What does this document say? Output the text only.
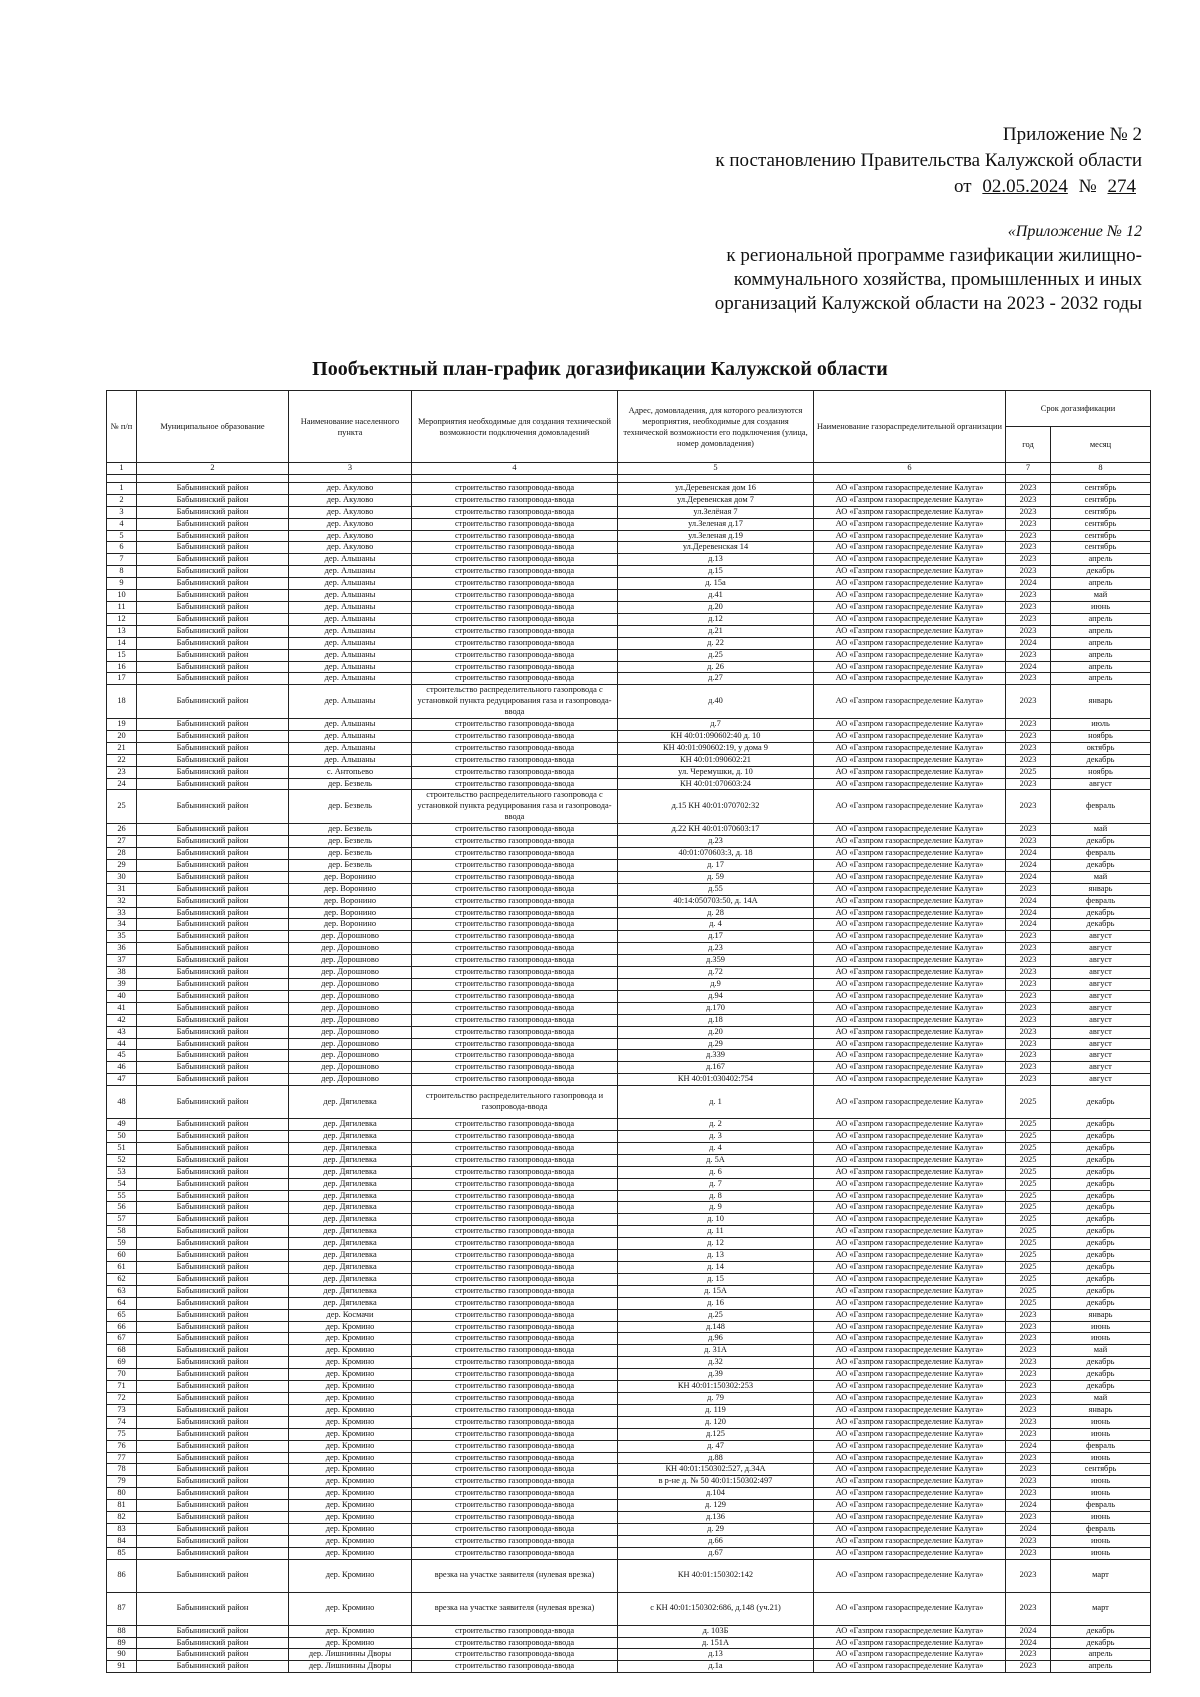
Приложение № 2
к постановлению Правительства Калужской области
от 02.05.2024 № 274
«Приложение № 12
к региональной программе газификации жилищно-
коммунального хозяйства, промышленных и иных
организаций Калужской области на 2023 - 2032 годы
Пообъектный план-график догазификации Калужской области
№ п/п	Муниципальное образование	Наименование населенного пункта	Мероприятия необходимые для создания технической возможности подключения домовладений	Адрес, домовладения, для которого реализуются мероприятия, необходимые для создания технической возможности его подключения (улица, номер домовладения)	Наименование газораспределительной организации	Срок догазификации	
						год	месяц
1	2	3	4	5	6	7	8

1	Бабынинский район	дер. Акулово	строительство газопровода-ввода	ул.Деревенская дом 16	АО «Газпром газораспределение Калуга»	2023	сентябрь
2	Бабынинский район	дер. Акулово	строительство газопровода-ввода	ул.Деревенская дом 7	АО «Газпром газораспределение Калуга»	2023	сентябрь
3	Бабынинский район	дер. Акулово	строительство газопровода-ввода	ул.Зелёная 7	АО «Газпром газораспределение Калуга»	2023	сентябрь
4	Бабынинский район	дер. Акулово	строительство газопровода-ввода	ул.Зеленая д.17	АО «Газпром газораспределение Калуга»	2023	сентябрь
5	Бабынинский район	дер. Акулово	строительство газопровода-ввода	ул.Зеленая д.19	АО «Газпром газораспределение Калуга»	2023	сентябрь
6	Бабынинский район	дер. Акулово	строительство газопровода-ввода	ул.Деревенская 14	АО «Газпром газораспределение Калуга»	2023	сентябрь
7	Бабынинский район	дер. Альшаны	строительство газопровода-ввода	д.13	АО «Газпром газораспределение Калуга»	2023	апрель
8	Бабынинский район	дер. Альшаны	строительство газопровода-ввода	д.15	АО «Газпром газораспределение Калуга»	2023	декабрь
9	Бабынинский район	дер. Альшаны	строительство газопровода-ввода	д. 15а	АО «Газпром газораспределение Калуга»	2024	апрель
10	Бабынинский район	дер. Альшаны	строительство газопровода-ввода	д.41	АО «Газпром газораспределение Калуга»	2023	май
11	Бабынинский район	дер. Альшаны	строительство газопровода-ввода	д.20	АО «Газпром газораспределение Калуга»	2023	июнь
12	Бабынинский район	дер. Альшаны	строительство газопровода-ввода	д.12	АО «Газпром газораспределение Калуга»	2023	апрель
13	Бабынинский район	дер. Альшаны	строительство газопровода-ввода	д.21	АО «Газпром газораспределение Калуга»	2023	апрель
14	Бабынинский район	дер. Альшаны	строительство газопровода-ввода	д. 22	АО «Газпром газораспределение Калуга»	2024	апрель
15	Бабынинский район	дер. Альшаны	строительство газопровода-ввода	д.25	АО «Газпром газораспределение Калуга»	2023	апрель
16	Бабынинский район	дер. Альшаны	строительство газопровода-ввода	д. 26	АО «Газпром газораспределение Калуга»	2024	апрель
17	Бабынинский район	дер. Альшаны	строительство газопровода-ввода	д.27	АО «Газпром газораспределение Калуга»	2023	апрель
18	Бабынинский район	дер. Альшаны	строительство распределительного газопровода с установкой пункта редуцирования газа и газопровода-ввода	д.40	АО «Газпром газораспределение Калуга»	2023	январь
19	Бабынинский район	дер. Альшаны	строительство газопровода-ввода	д.7	АО «Газпром газораспределение Калуга»	2023	июль
20	Бабынинский район	дер. Альшаны	строительство газопровода-ввода	КН 40:01:090602:40 д. 10	АО «Газпром газораспределение Калуга»	2023	ноябрь
21	Бабынинский район	дер. Альшаны	строительство газопровода-ввода	КН 40:01:090602:19, у дома 9	АО «Газпром газораспределение Калуга»	2023	октябрь
22	Бабынинский район	дер. Альшаны	строительство газопровода-ввода	КН 40:01:090602:21	АО «Газпром газораспределение Калуга»	2023	декабрь
23	Бабынинский район	с. Антопьево	строительство газопровода-ввода	ул. Черемушки, д. 10	АО «Газпром газораспределение Калуга»	2025	ноябрь
24	Бабынинский район	дер. Безвель	строительство газопровода-ввода	КН 40:01:070603:24	АО «Газпром газораспределение Калуга»	2023	август
25	Бабынинский район	дер. Безвель	строительство распределительного газопровода с установкой пункта редуцирования газа и газопровода-ввода	д.15 КН 40:01:070702:32	АО «Газпром газораспределение Калуга»	2023	февраль
26	Бабынинский район	дер. Безвель	строительство газопровода-ввода	д.22 КН 40:01:070603:17	АО «Газпром газораспределение Калуга»	2023	май
27	Бабынинский район	дер. Безвель	строительство газопровода-ввода	д.23	АО «Газпром газораспределение Калуга»	2023	декабрь
28	Бабынинский район	дер. Безвель	строительство газопровода-ввода	40:01:070603:3, д. 18	АО «Газпром газораспределение Калуга»	2024	февраль
29	Бабынинский район	дер. Безвель	строительство газопровода-ввода	д. 17	АО «Газпром газораспределение Калуга»	2024	декабрь
30	Бабынинский район	дер. Воронино	строительство газопровода-ввода	д. 59	АО «Газпром газораспределение Калуга»	2024	май
31	Бабынинский район	дер. Воронино	строительство газопровода-ввода	д.55	АО «Газпром газораспределение Калуга»	2023	январь
32	Бабынинский район	дер. Воронино	строительство газопровода-ввода	40:14:050703:50, д. 14А	АО «Газпром газораспределение Калуга»	2024	февраль
33	Бабынинский район	дер. Воронино	строительство газопровода-ввода	д. 28	АО «Газпром газораспределение Калуга»	2024	декабрь
34	Бабынинский район	дер. Воронино	строительство газопровода-ввода	д. 4	АО «Газпром газораспределение Калуга»	2024	декабрь
35	Бабынинский район	дер. Дорошново	строительство газопровода-ввода	д.17	АО «Газпром газораспределение Калуга»	2023	август
36	Бабынинский район	дер. Дорошново	строительство газопровода-ввода	д.23	АО «Газпром газораспределение Калуга»	2023	август
37	Бабынинский район	дер. Дорошново	строительство газопровода-ввода	д.359	АО «Газпром газораспределение Калуга»	2023	август
38	Бабынинский район	дер. Дорошново	строительство газопровода-ввода	д.72	АО «Газпром газораспределение Калуга»	2023	август
39	Бабынинский район	дер. Дорошново	строительство газопровода-ввода	д.9	АО «Газпром газораспределение Калуга»	2023	август
40	Бабынинский район	дер. Дорошново	строительство газопровода-ввода	д.94	АО «Газпром газораспределение Калуга»	2023	август
41	Бабынинский район	дер. Дорошново	строительство газопровода-ввода	д.170	АО «Газпром газораспределение Калуга»	2023	август
42	Бабынинский район	дер. Дорошново	строительство газопровода-ввода	д.18	АО «Газпром газораспределение Калуга»	2023	август
43	Бабынинский район	дер. Дорошново	строительство газопровода-ввода	д.20	АО «Газпром газораспределение Калуга»	2023	август
44	Бабынинский район	дер. Дорошново	строительство газопровода-ввода	д.29	АО «Газпром газораспределение Калуга»	2023	август
45	Бабынинский район	дер. Дорошново	строительство газопровода-ввода	д.339	АО «Газпром газораспределение Калуга»	2023	август
46	Бабынинский район	дер. Дорошново	строительство газопровода-ввода	д.167	АО «Газпром газораспределение Калуга»	2023	август
47	Бабынинский район	дер. Дорошново	строительство газопровода-ввода	КН 40:01:030402:754	АО «Газпром газораспределение Калуга»	2023	август
48	Бабынинский район	дер. Дягилевка	строительство распределительного газопровода и газопровода-ввода	д. 1	АО «Газпром газораспределение Калуга»	2025	декабрь
49	Бабынинский район	дер. Дягилевка	строительство газопровода-ввода	д. 2	АО «Газпром газораспределение Калуга»	2025	декабрь
50	Бабынинский район	дер. Дягилевка	строительство газопровода-ввода	д. 3	АО «Газпром газораспределение Калуга»	2025	декабрь
51	Бабынинский район	дер. Дягилевка	строительство газопровода-ввода	д. 4	АО «Газпром газораспределение Калуга»	2025	декабрь
52	Бабынинский район	дер. Дягилевка	строительство газопровода-ввода	д. 5А	АО «Газпром газораспределение Калуга»	2025	декабрь
53	Бабынинский район	дер. Дягилевка	строительство газопровода-ввода	д. 6	АО «Газпром газораспределение Калуга»	2025	декабрь
54	Бабынинский район	дер. Дягилевка	строительство газопровода-ввода	д. 7	АО «Газпром газораспределение Калуга»	2025	декабрь
55	Бабынинский район	дер. Дягилевка	строительство газопровода-ввода	д. 8	АО «Газпром газораспределение Калуга»	2025	декабрь
56	Бабынинский район	дер. Дягилевка	строительство газопровода-ввода	д. 9	АО «Газпром газораспределение Калуга»	2025	декабрь
57	Бабынинский район	дер. Дягилевка	строительство газопровода-ввода	д. 10	АО «Газпром газораспределение Калуга»	2025	декабрь
58	Бабынинский район	дер. Дягилевка	строительство газопровода-ввода	д. 11	АО «Газпром газораспределение Калуга»	2025	декабрь
59	Бабынинский район	дер. Дягилевка	строительство газопровода-ввода	д. 12	АО «Газпром газораспределение Калуга»	2025	декабрь
60	Бабынинский район	дер. Дягилевка	строительство газопровода-ввода	д. 13	АО «Газпром газораспределение Калуга»	2025	декабрь
61	Бабынинский район	дер. Дягилевка	строительство газопровода-ввода	д. 14	АО «Газпром газораспределение Калуга»	2025	декабрь
62	Бабынинский район	дер. Дягилевка	строительство газопровода-ввода	д. 15	АО «Газпром газораспределение Калуга»	2025	декабрь
63	Бабынинский район	дер. Дягилевка	строительство газопровода-ввода	д. 15А	АО «Газпром газораспределение Калуга»	2025	декабрь
64	Бабынинский район	дер. Дягилевка	строительство газопровода-ввода	д. 16	АО «Газпром газораспределение Калуга»	2025	декабрь
65	Бабынинский район	дер. Космачи	строительство газопровода-ввода	д.25	АО «Газпром газораспределение Калуга»	2023	январь
66	Бабынинский район	дер. Кромино	строительство газопровода-ввода	д.148	АО «Газпром газораспределение Калуга»	2023	июнь
67	Бабынинский район	дер. Кромино	строительство газопровода-ввода	д.96	АО «Газпром газораспределение Калуга»	2023	июнь
68	Бабынинский район	дер. Кромино	строительство газопровода-ввода	д. 31А	АО «Газпром газораспределение Калуга»	2023	май
69	Бабынинский район	дер. Кромино	строительство газопровода-ввода	д.32	АО «Газпром газораспределение Калуга»	2023	декабрь
70	Бабынинский район	дер. Кромино	строительство газопровода-ввода	д.39	АО «Газпром газораспределение Калуга»	2023	декабрь
71	Бабынинский район	дер. Кромино	строительство газопровода-ввода	КН 40:01:150302:253	АО «Газпром газораспределение Калуга»	2023	декабрь
72	Бабынинский район	дер. Кромино	строительство газопровода-ввода	д. 79	АО «Газпром газораспределение Калуга»	2023	май
73	Бабынинский район	дер. Кромино	строительство газопровода-ввода	д. 119	АО «Газпром газораспределение Калуга»	2023	январь
74	Бабынинский район	дер. Кромино	строительство газопровода-ввода	д. 120	АО «Газпром газораспределение Калуга»	2023	июнь
75	Бабынинский район	дер. Кромино	строительство газопровода-ввода	д.125	АО «Газпром газораспределение Калуга»	2023	июнь
76	Бабынинский район	дер. Кромино	строительство газопровода-ввода	д. 47	АО «Газпром газораспределение Калуга»	2024	февраль
77	Бабынинский район	дер. Кромино	строительство газопровода-ввода	д.88	АО «Газпром газораспределение Калуга»	2023	июнь
78	Бабынинский район	дер. Кромино	строительство газопровода-ввода	КН 40:01:150302:527, д.34А	АО «Газпром газораспределение Калуга»	2023	сентябрь
79	Бабынинский район	дер. Кромино	строительство газопровода-ввода	в р-не д. № 50 40:01:150302:497	АО «Газпром газораспределение Калуга»	2023	июнь
80	Бабынинский район	дер. Кромино	строительство газопровода-ввода	д.104	АО «Газпром газораспределение Калуга»	2023	июнь
81	Бабынинский район	дер. Кромино	строительство газопровода-ввода	д. 129	АО «Газпром газораспределение Калуга»	2024	февраль
82	Бабынинский район	дер. Кромино	строительство газопровода-ввода	д.136	АО «Газпром газораспределение Калуга»	2023	июнь
83	Бабынинский район	дер. Кромино	строительство газопровода-ввода	д. 29	АО «Газпром газораспределение Калуга»	2024	февраль
84	Бабынинский район	дер. Кромино	строительство газопровода-ввода	д.66	АО «Газпром газораспределение Калуга»	2023	июнь
85	Бабынинский район	дер. Кромино	строительство газопровода-ввода	д.67	АО «Газпром газораспределение Калуга»	2023	июнь
86	Бабынинский район	дер. Кромино	врезка на участке заявителя (нулевая врезка)	КН 40:01:150302:142	АО «Газпром газораспределение Калуга»	2023	март
87	Бабынинский район	дер. Кромино	врезка на участке заявителя (нулевая врезка)	с КН 40:01:150302:686, д.148 (уч.21)	АО «Газпром газораспределение Калуга»	2023	март
88	Бабынинский район	дер. Кромино	строительство газопровода-ввода	д. 103Б	АО «Газпром газораспределение Калуга»	2024	декабрь
89	Бабынинский район	дер. Кромино	строительство газопровода-ввода	д. 151А	АО «Газпром газораспределение Калуга»	2024	декабрь
90	Бабынинский район	дер. Лишнинны Дворы	строительство газопровода-ввода	д.13	АО «Газпром газораспределение Калуга»	2023	апрель
91	Бабынинский район	дер. Лишнинны Дворы	строительство газопровода-ввода	д.1а	АО «Газпром газораспределение Калуга»	2023	апрель
